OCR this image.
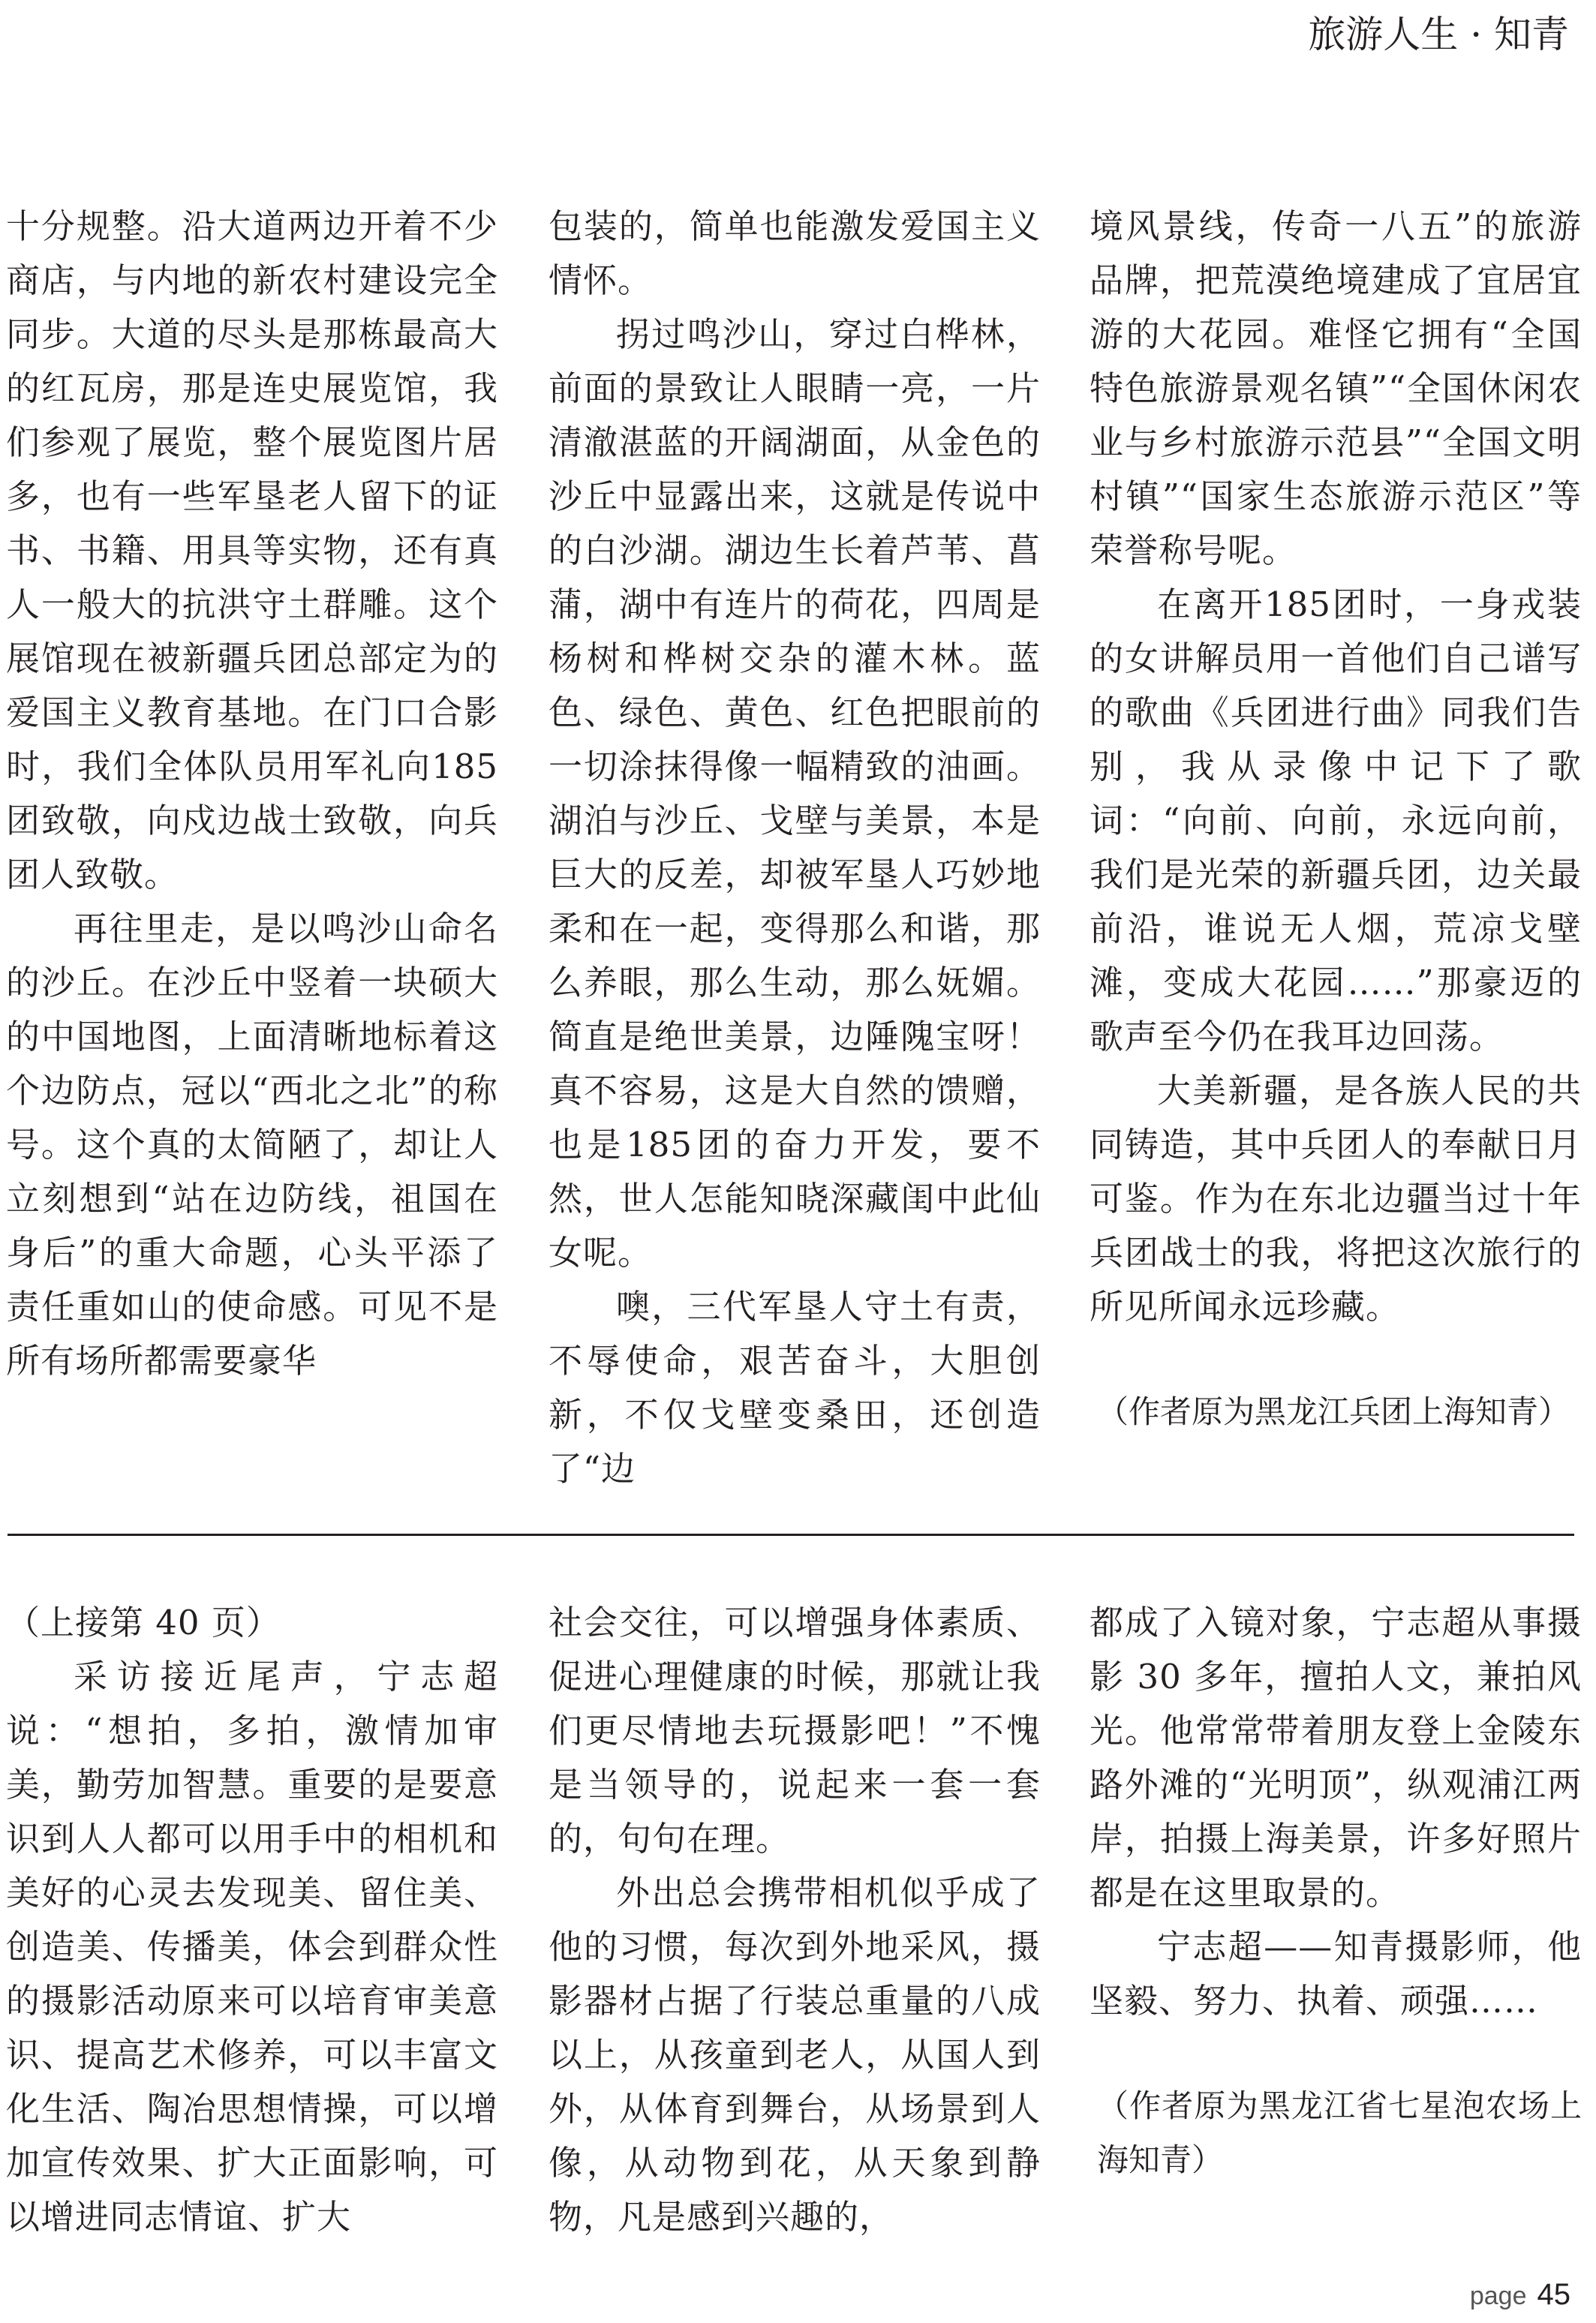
旅游人生 · 知青

十分规整。沿大道两边开着不少商店，与内地的新农村建设完全同步。大道的尽头是那栋最高大的红瓦房，那是连史展览馆，我们参观了展览，整个展览图片居多，也有一些军垦老人留下的证书、书籍、用具等实物，还有真人一般大的抗洪守土群雕。这个展馆现在被新疆兵团总部定为的爱国主义教育基地。在门口合影时，我们全体队员用军礼向185团致敬，向戍边战士致敬，向兵团人致敬。

再往里走，是以鸣沙山命名的沙丘。在沙丘中竖着一块硕大的中国地图，上面清晰地标着这个边防点，冠以“西北之北”的称号。这个真的太简陋了，却让人立刻想到“站在边防线，祖国在身后”的重大命题，心头平添了责任重如山的使命感。可见不是所有场所都需要豪华

包装的，简单也能激发爱国主义情怀。

拐过鸣沙山，穿过白桦林，前面的景致让人眼睛一亮，一片清澈湛蓝的开阔湖面，从金色的沙丘中显露出来，这就是传说中的白沙湖。湖边生长着芦苇、菖蒲，湖中有连片的荷花，四周是杨树和桦树交杂的灌木林。蓝色、绿色、黄色、红色把眼前的一切涂抹得像一幅精致的油画。湖泊与沙丘、戈壁与美景，本是巨大的反差，却被军垦人巧妙地柔和在一起，变得那么和谐，那么养眼，那么生动，那么妩媚。简直是绝世美景，边陲隗宝呀！真不容易，这是大自然的馈赠，也是185团的奋力开发，要不然，世人怎能知晓深藏闺中此仙女呢。

噢，三代军垦人守土有责，不辱使命，艰苦奋斗，大胆创新，不仅戈壁变桑田，还创造了“边

境风景线，传奇一八五”的旅游品牌，把荒漠绝境建成了宜居宜游的大花园。难怪它拥有“全国特色旅游景观名镇”“全国休闲农业与乡村旅游示范县”“全国文明村镇”“国家生态旅游示范区”等荣誉称号呢。

在离开185团时，一身戎装的女讲解员用一首他们自己谱写的歌曲《兵团进行曲》同我们告别，我从录像中记下了歌词：“向前、向前，永远向前，我们是光荣的新疆兵团，边关最前沿，谁说无人烟，荒凉戈壁滩，变成大花园……”那豪迈的歌声至今仍在我耳边回荡。

大美新疆，是各族人民的共同铸造，其中兵团人的奉献日月可鉴。作为在东北边疆当过十年兵团战士的我，将把这次旅行的所见所闻永远珍藏。

（作者原为黑龙江兵团上海知青）

（上接第 40 页）

采访接近尾声，宁志超说：“想拍，多拍，激情加审美，勤劳加智慧。重要的是要意识到人人都可以用手中的相机和美好的心灵去发现美、留住美、创造美、传播美，体会到群众性的摄影活动原来可以培育审美意识、提高艺术修养，可以丰富文化生活、陶冶思想情操，可以增加宣传效果、扩大正面影响，可以增进同志情谊、扩大

社会交往，可以增强身体素质、促进心理健康的时候，那就让我们更尽情地去玩摄影吧！”不愧是当领导的，说起来一套一套的，句句在理。

外出总会携带相机似乎成了他的习惯，每次到外地采风，摄影器材占据了行装总重量的八成以上，从孩童到老人，从国人到外，从体育到舞台，从场景到人像，从动物到花，从天象到静物，凡是感到兴趣的，

都成了入镜对象，宁志超从事摄影 30 多年，擅拍人文，兼拍风光。他常常带着朋友登上金陵东路外滩的“光明顶”，纵观浦江两岸，拍摄上海美景，许多好照片都是在这里取景的。

宁志超——知青摄影师，他坚毅、努力、执着、顽强……

（作者原为黑龙江省七星泡农场上海知青）

page 45
